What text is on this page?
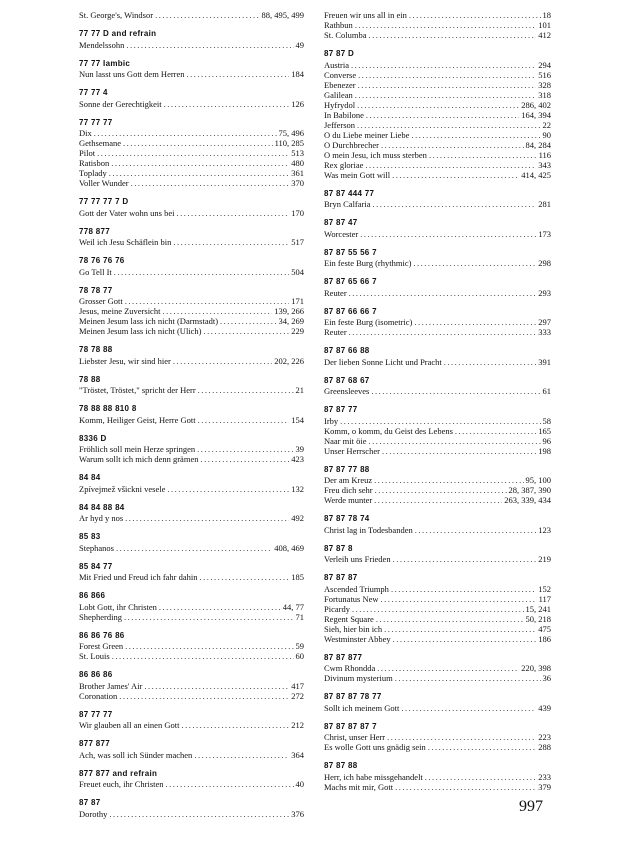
St. George's, Windsor .....	88, 495, 499
77 77 D and refrain
Mendelssohn .....	49
77 77 Iambic
Nun lasst uns Gott dem Herren .....	184
77 77 4
Sonne der Gerechtigkeit .....	126
77 77 77
Dix .....	75, 496
Gethsemane .....	110, 285
Pilot .....	513
Ratisbon .....	480
Toplady .....	361
Voller Wunder .....	370
77 77 77 7 D
Gott der Vater wohn uns bei .....	170
778 877
Weil ich Jesu Schäflein bin .....	517
78 76 76 76
Go Tell It .....	504
78 78 77
Grosser Gott .....	171
Jesus, meine Zuversicht .....	139, 266
Meinen Jesum lass ich nicht (Darmstadt) .....	34, 269
Meinen Jesum lass ich nicht (Ulich) .....	229
78 78 88
Liebster Jesu, wir sind hier .....	202, 226
78 88
"Tröstet, Tröstet," spricht der Herr .....	21
78 88 88 810 8
Komm, Heiliger Geist, Herre Gott .....	154
8336 D
Fröhlich soll mein Herze springen .....	39
Warum sollt ich mich denn grämen .....	423
84 84
Zpívejmež všickni vesele .....	132
84 84 88 84
Ar hyd y nos .....	492
85 83
Stephanos .....	408, 469
85 84 77
Mit Fried und Freud ich fahr dahin .....	185
86 866
Lobt Gott, ihr Christen .....	44, 77
Shepherding .....	71
86 86 76 86
Forest Green .....	59
St. Louis .....	60
86 86 86
Brother James' Air .....	417
Coronation .....	272
87 77 77
Wir glauben all an einen Gott .....	212
877 877
Ach, was soll ich Sünder machen .....	364
877 877 and refrain
Freuet euch, ihr Christen .....	40
87 87
Dorothy .....	376
Freuen wir uns all in ein .....	18
Rathbun .....	101
St. Columba .....	412
87 87 D
Austria .....	294
Converse .....	516
Ebenezer .....	328
Galilean .....	318
Hyfrydol .....	286, 402
In Babilone .....	164, 394
Jefferson .....	22
O du Liebe meiner Liebe .....	90
O Durchbrecher .....	84, 284
O mein Jesu, ich muss sterben .....	116
Rex gloriae .....	343
Was mein Gott will .....	414, 425
87 87 444 77
Bryn Calfaria .....	281
87 87 47
Worcester .....	173
87 87 55 56 7
Ein feste Burg (rhythmic) .....	298
87 87 65 66 7
Reuter .....	293
87 87 66 66 7
Ein feste Burg (isometric) .....	297
Reuter .....	333
87 87 66 88
Der lieben Sonne Licht und Pracht .....	391
87 87 68 67
Greensleeves .....	61
87 87 77
Irby .....	58
Komm, o komm, du Geist des Lebens .....	165
Naar mit öie .....	96
Unser Herrscher .....	198
87 87 77 88
Der am Kreuz .....	95, 100
Freu dich sehr .....	28, 387, 390
Werde munter .....	263, 339, 434
87 87 78 74
Christ lag in Todesbanden .....	123
87 87 8
Verleih uns Frieden .....	219
87 87 87
Ascended Triumph .....	152
Fortunatus New .....	117
Picardy .....	15, 241
Regent Square .....	50, 218
Sieh, hier bin ich .....	475
Westminster Abbey .....	186
87 87 877
Cwm Rhondda .....	220, 398
Divinum mysterium .....	36
87 87 87 78 77
Sollt ich meinem Gott .....	439
87 87 87 87 7
Christ, unser Herr .....	223
Es wolle Gott uns gnädig sein .....	288
87 87 88
Herr, ich habe missgehandelt .....	233
Machs mit mir, Gott .....	379
997
